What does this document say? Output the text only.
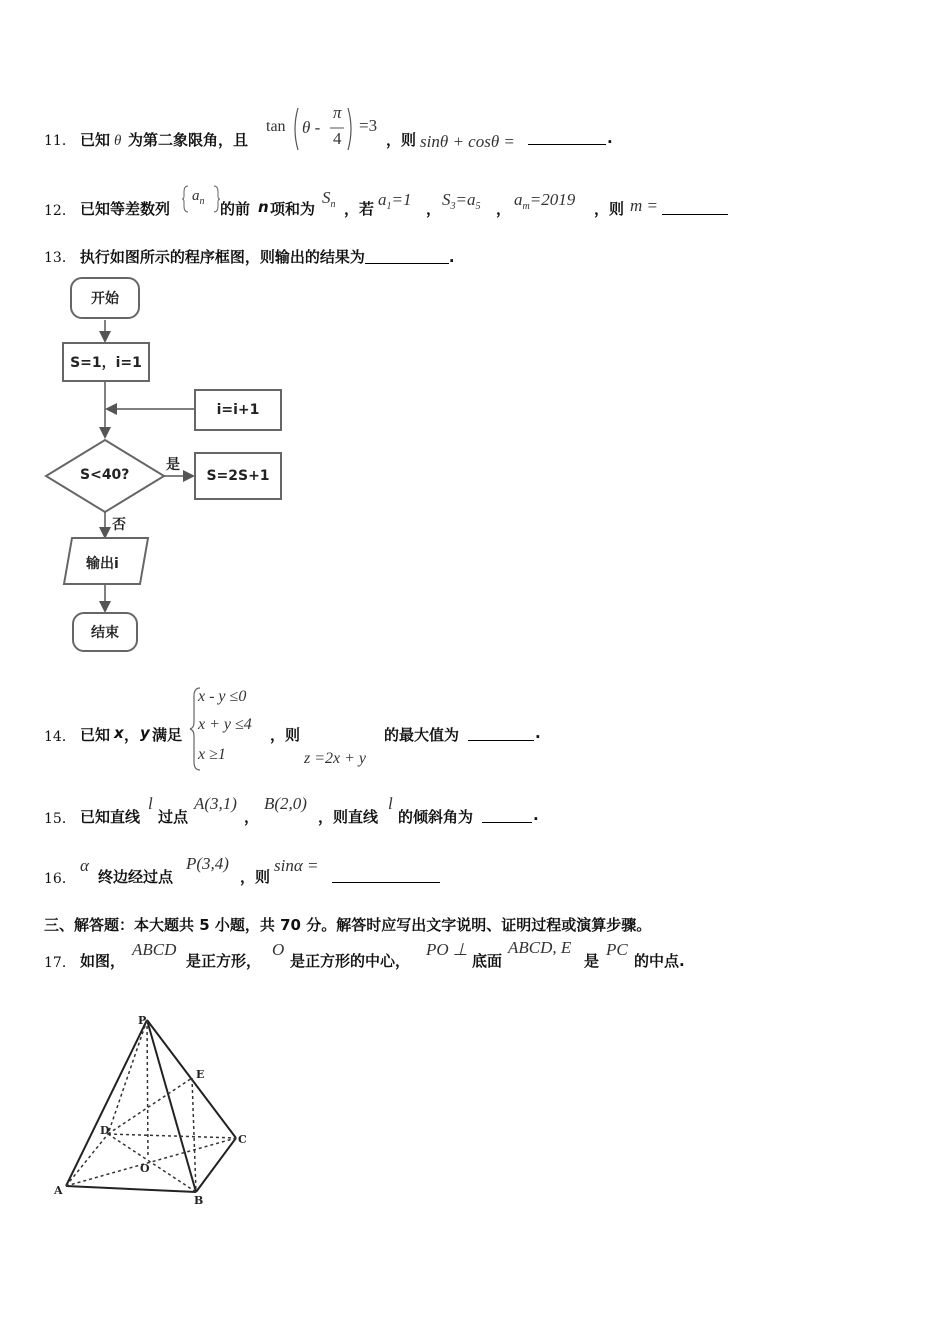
11． 已知 θ 为第二象限角，且
tan θ -
π
4
=3
，则 sinθ + cosθ =	.
12． 已知等差数列
$a_n$ 的前 n 项和为
$S_n$ ，若 $a_1=1$ ， $S_3=a_5$ ， $a_m=2019$ ，则 m =
13． 执行如图所示的程序框图，则输出的结果为	.
开始
S=1，i=1
i=i+1
S<40?
是
S=2S+1
否
输出i
结束
14． 已知 x ， y 满足
x - y ≤0
x + y ≤4
x ≥1
，则
z =2x + y
的最大值为	.
15． 已知直线
l
过点
A(3,1)
，
B(2,0)
，则直线
l
的倾斜角为	.
16．
α
终边经过点
P(3,4)
，则
sinα =
三、解答题：本大题共 5 小题，共 70 分。解答时应写出文字说明、证明过程或演算步骤。
17． 如图，
ABCD
是正方形，
O
是正方形的中心，
PO ⊥
底面
ABCD, E
是
PC
的中点.
P
E
D
C
O
A
B
